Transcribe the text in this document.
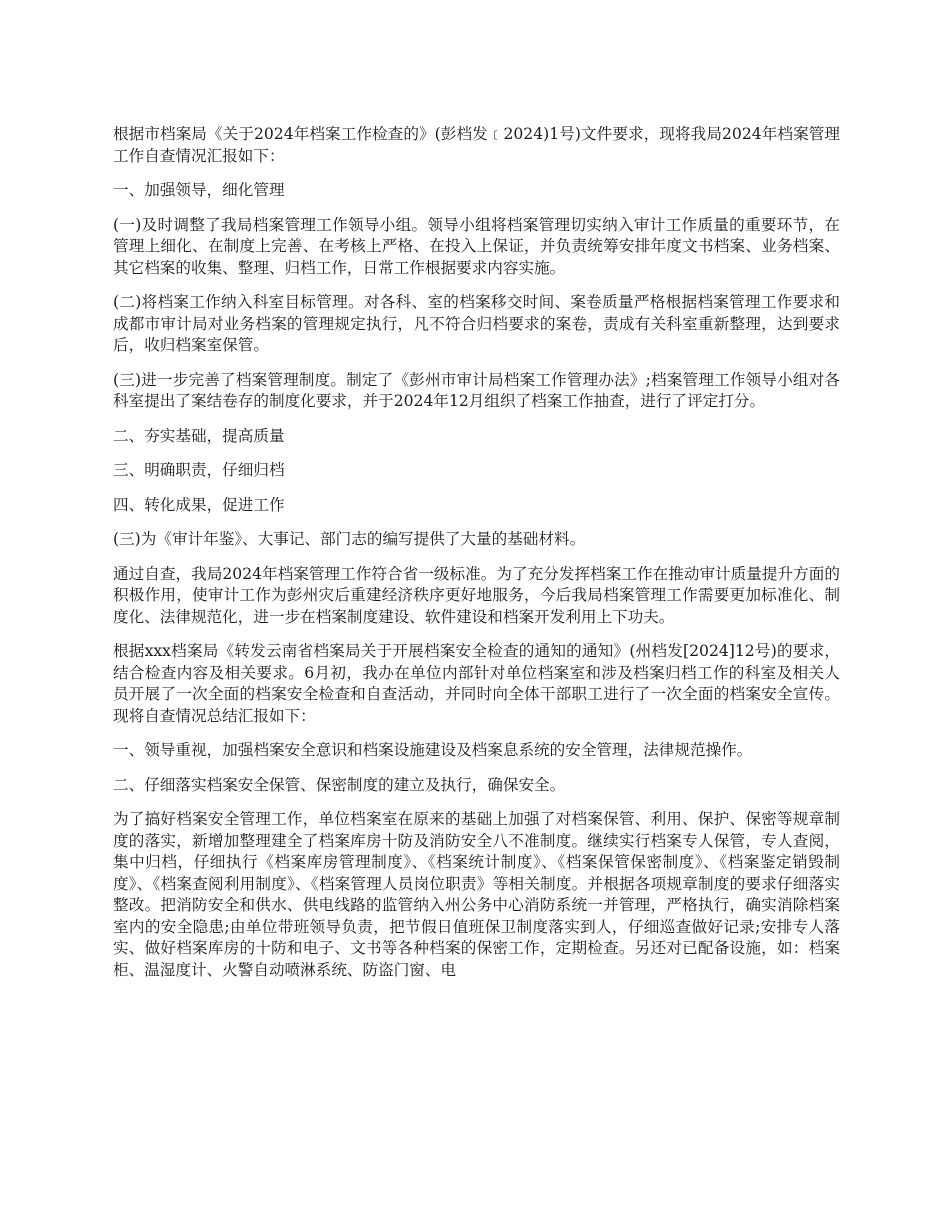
根据市档案局《关于2024年档案工作检查的》(彭档发﹝2024)1号)文件要求，现将我局2024年档案管理工作自查情况汇报如下：

一、加强领导，细化管理

(一)及时调整了我局档案管理工作领导小组。领导小组将档案管理切实纳入审计工作质量的重要环节，在管理上细化、在制度上完善、在考核上严格、在投入上保证，并负责统筹安排年度文书档案、业务档案、其它档案的收集、整理、归档工作，日常工作根据要求内容实施。

(二)将档案工作纳入科室目标管理。对各科、室的档案移交时间、案卷质量严格根据档案管理工作要求和成都市审计局对业务档案的管理规定执行，凡不符合归档要求的案卷，责成有关科室重新整理，达到要求后，收归档案室保管。

(三)进一步完善了档案管理制度。制定了《彭州市审计局档案工作管理办法》;档案管理工作领导小组对各科室提出了案结卷存的制度化要求，并于2024年12月组织了档案工作抽查，进行了评定打分。

二、夯实基础，提高质量

三、明确职责，仔细归档

四、转化成果，促进工作

(三)为《审计年鉴》、大事记、部门志的编写提供了大量的基础材料。

通过自查，我局2024年档案管理工作符合省一级标准。为了充分发挥档案工作在推动审计质量提升方面的积极作用，使审计工作为彭州灾后重建经济秩序更好地服务，今后我局档案管理工作需要更加标准化、制度化、法律规范化，进一步在档案制度建设、软件建设和档案开发利用上下功夫。

根据xxx档案局《转发云南省档案局关于开展档案安全检查的通知的通知》(州档发[2024]12号)的要求，结合检查内容及相关要求。6月初，我办在单位内部针对单位档案室和涉及档案归档工作的科室及相关人员开展了一次全面的档案安全检查和自查活动，并同时向全体干部职工进行了一次全面的档案安全宣传。现将自查情况总结汇报如下：

一、领导重视，加强档案安全意识和档案设施建设及档案息系统的安全管理，法律规范操作。

二、仔细落实档案安全保管、保密制度的建立及执行，确保安全。

为了搞好档案安全管理工作，单位档案室在原来的基础上加强了对档案保管、利用、保护、保密等规章制度的落实，新增加整理建全了档案库房十防及消防安全八不准制度。继续实行档案专人保管，专人查阅，集中归档，仔细执行《档案库房管理制度》、《档案统计制度》、《档案保管保密制度》、《档案鉴定销毁制度》、《档案查阅利用制度》、《档案管理人员岗位职责》等相关制度。并根据各项规章制度的要求仔细落实整改。把消防安全和供水、供电线路的监管纳入州公务中心消防系统一并管理，严格执行，确实消除档案室内的安全隐患;由单位带班领导负责，把节假日值班保卫制度落实到人，仔细巡查做好记录;安排专人落实、做好档案库房的十防和电子、文书等各种档案的保密工作，定期检查。另还对已配备设施，如：档案柜、温湿度计、火警自动喷淋系统、防盗门窗、电
